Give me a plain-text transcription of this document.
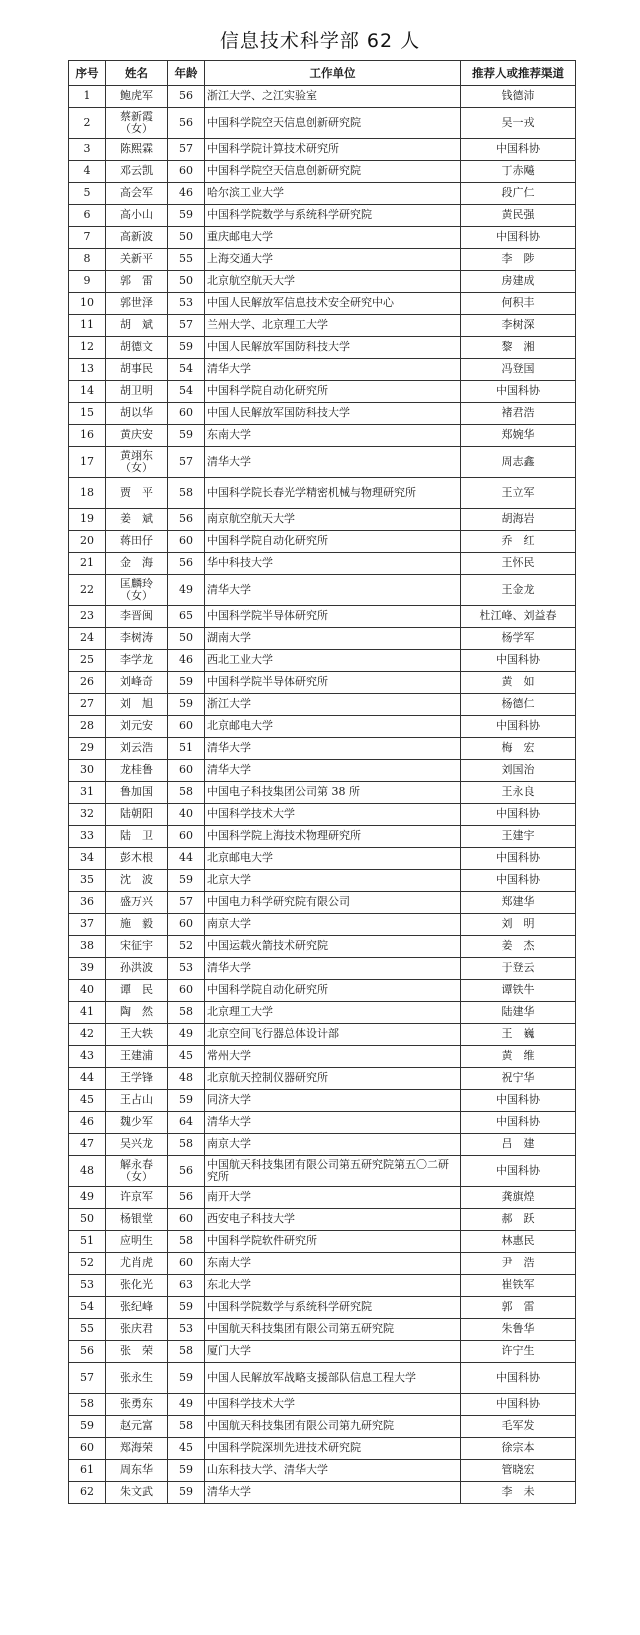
信息技术科学部 62 人
序号	姓名	年龄	工作单位	推荐人或推荐渠道
1	鲍虎军	56	浙江大学、之江实验室	钱德沛
2	蔡新霞（女）	56	中国科学院空天信息创新研究院	吴一戎
3	陈熙霖	57	中国科学院计算技术研究所	中国科协
4	邓云凯	60	中国科学院空天信息创新研究院	丁赤飚
5	高会军	46	哈尔滨工业大学	段广仁
6	高小山	59	中国科学院数学与系统科学研究院	黄民强
7	高新波	50	重庆邮电大学	中国科协
8	关新平	55	上海交通大学	李　陟
9	郭　雷	50	北京航空航天大学	房建成
10	郭世泽	53	中国人民解放军信息技术安全研究中心	何积丰
11	胡　斌	57	兰州大学、北京理工大学	李树深
12	胡德文	59	中国人民解放军国防科技大学	黎　湘
13	胡事民	54	清华大学	冯登国
14	胡卫明	54	中国科学院自动化研究所	中国科协
15	胡以华	60	中国人民解放军国防科技大学	褚君浩
16	黄庆安	59	东南大学	郑婉华
17	黄翊东（女）	57	清华大学	周志鑫
18	贾　平	58	中国科学院长春光学精密机械与物理研究所	王立军
19	姜　斌	56	南京航空航天大学	胡海岩
20	蒋田仔	60	中国科学院自动化研究所	乔　红
21	金　海	56	华中科技大学	王怀民
22	匡麟玲（女）	49	清华大学	王金龙
23	李晋闽	65	中国科学院半导体研究所	杜江峰、刘益春
24	李树涛	50	湖南大学	杨学军
25	李学龙	46	西北工业大学	中国科协
26	刘峰奇	59	中国科学院半导体研究所	黄　如
27	刘　旭	59	浙江大学	杨德仁
28	刘元安	60	北京邮电大学	中国科协
29	刘云浩	51	清华大学	梅　宏
30	龙桂鲁	60	清华大学	刘国治
31	鲁加国	58	中国电子科技集团公司第 38 所	王永良
32	陆朝阳	40	中国科学技术大学	中国科协
33	陆　卫	60	中国科学院上海技术物理研究所	王建宇
34	彭木根	44	北京邮电大学	中国科协
35	沈　波	59	北京大学	中国科协
36	盛万兴	57	中国电力科学研究院有限公司	郑建华
37	施　毅	60	南京大学	刘　明
38	宋征宇	52	中国运载火箭技术研究院	姜　杰
39	孙洪波	53	清华大学	于登云
40	谭　民	60	中国科学院自动化研究所	谭铁牛
41	陶　然	58	北京理工大学	陆建华
42	王大轶	49	北京空间飞行器总体设计部	王　巍
43	王建浦	45	常州大学	黄　维
44	王学锋	48	北京航天控制仪器研究所	祝宁华
45	王占山	59	同济大学	中国科协
46	魏少军	64	清华大学	中国科协
47	吴兴龙	58	南京大学	吕　建
48	解永春（女）	56	中国航天科技集团有限公司第五研究院第五〇二研究所	中国科协
49	许京军	56	南开大学	龚旗煌
50	杨银堂	60	西安电子科技大学	郝　跃
51	应明生	58	中国科学院软件研究所	林惠民
52	尤肖虎	60	东南大学	尹　浩
53	张化光	63	东北大学	崔铁军
54	张纪峰	59	中国科学院数学与系统科学研究院	郭　雷
55	张庆君	53	中国航天科技集团有限公司第五研究院	朱鲁华
56	张　荣	58	厦门大学	许宁生
57	张永生	59	中国人民解放军战略支援部队信息工程大学	中国科协
58	张勇东	49	中国科学技术大学	中国科协
59	赵元富	58	中国航天科技集团有限公司第九研究院	毛军发
60	郑海荣	45	中国科学院深圳先进技术研究院	徐宗本
61	周东华	59	山东科技大学、清华大学	管晓宏
62	朱文武	59	清华大学	李　未
